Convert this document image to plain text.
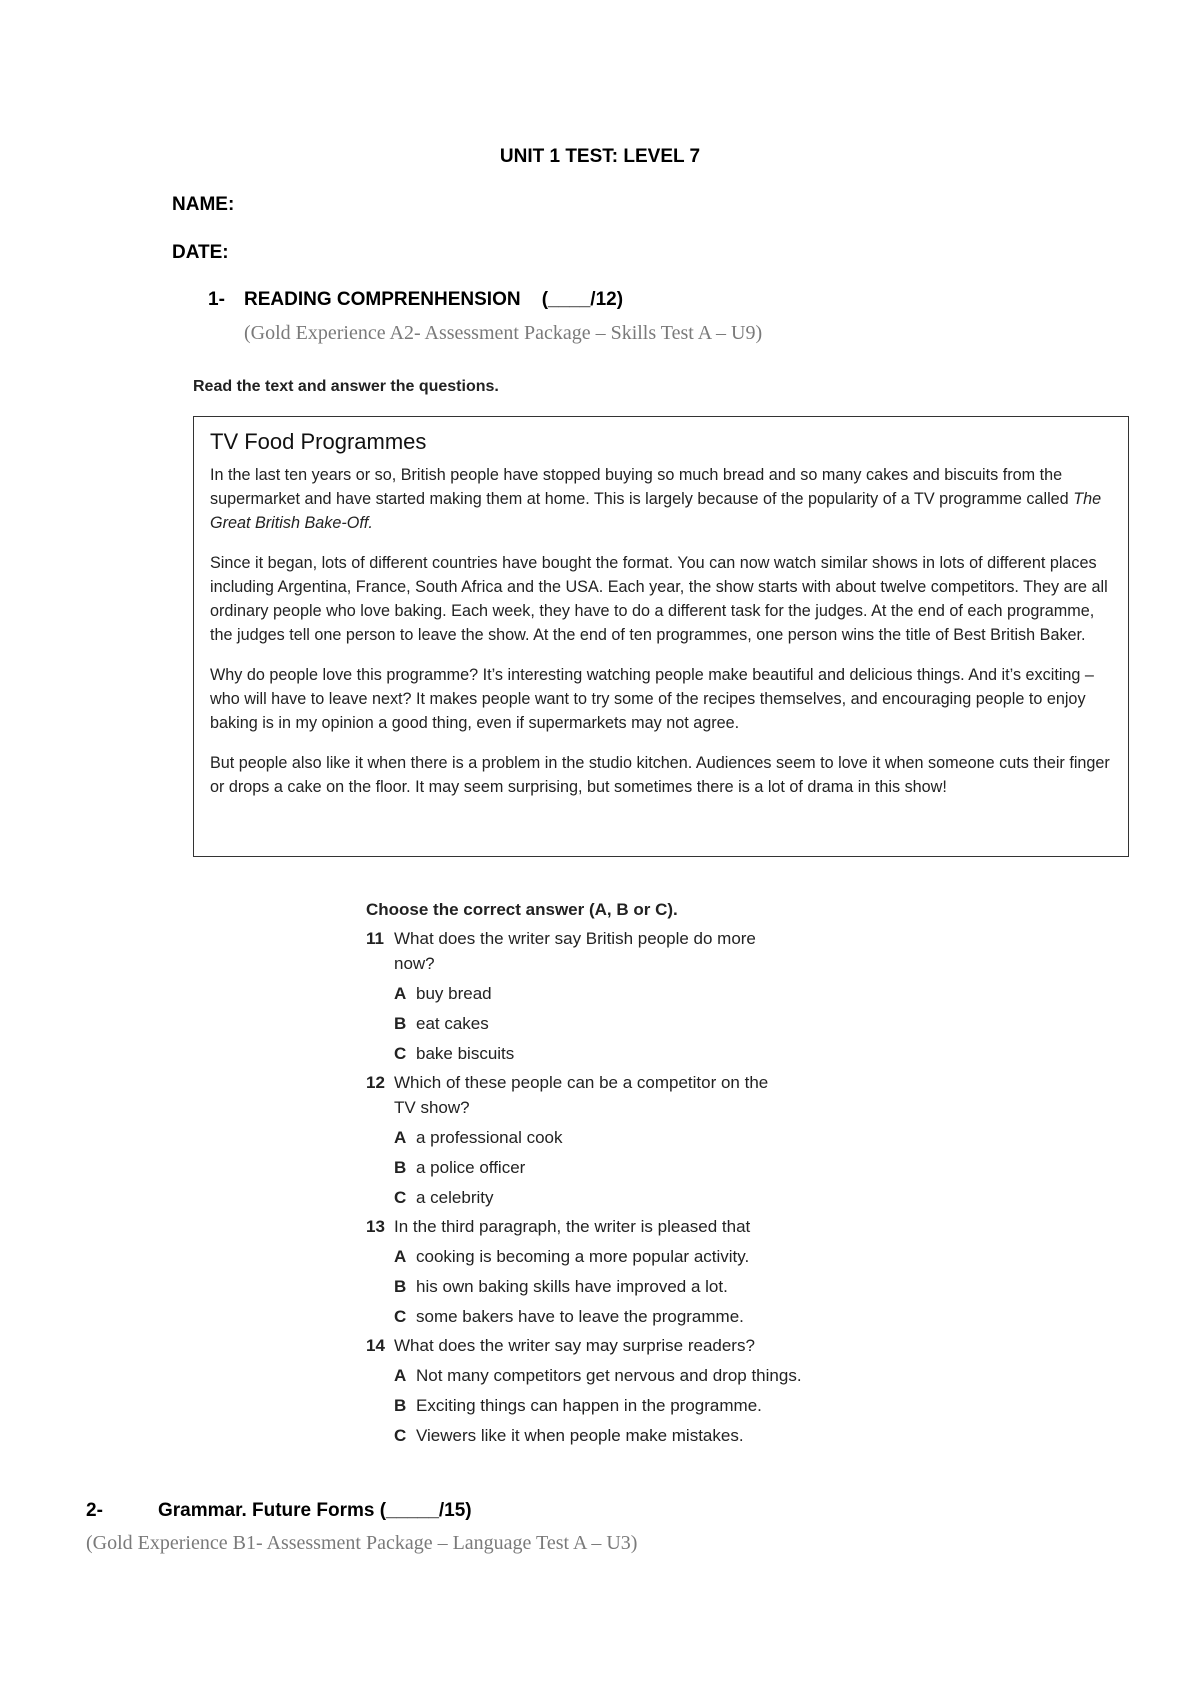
UNIT 1 TEST: LEVEL 7
NAME:
DATE:
1- READING COMPRENHENSION (____/12)
(Gold Experience A2- Assessment Package – Skills Test A – U9)
Read the text and answer the questions.
TV Food Programmes

In the last ten years or so, British people have stopped buying so much bread and so many cakes and biscuits from the supermarket and have started making them at home. This is largely because of the popularity of a TV programme called The Great British Bake-Off.

Since it began, lots of different countries have bought the format. You can now watch similar shows in lots of different places including Argentina, France, South Africa and the USA. Each year, the show starts with about twelve competitors. They are all ordinary people who love baking. Each week, they have to do a different task for the judges. At the end of each programme, the judges tell one person to leave the show. At the end of ten programmes, one person wins the title of Best British Baker.

Why do people love this programme? It’s interesting watching people make beautiful and delicious things. And it’s exciting – who will have to leave next? It makes people want to try some of the recipes themselves, and encouraging people to enjoy baking is in my opinion a good thing, even if supermarkets may not agree.

But people also like it when there is a problem in the studio kitchen. Audiences seem to love it when someone cuts their finger or drops a cake on the floor. It may seem surprising, but sometimes there is a lot of drama in this show!

Choose the correct answer (A, B or C).
11 What does the writer say British people do more now?
A buy bread
B eat cakes
C bake biscuits
12 Which of these people can be a competitor on the TV show?
A a professional cook
B a police officer
C a celebrity
13 In the third paragraph, the writer is pleased that
A cooking is becoming a more popular activity.
B his own baking skills have improved a lot.
C some bakers have to leave the programme.
14 What does the writer say may surprise readers?
A Not many competitors get nervous and drop things.
B Exciting things can happen in the programme.
C Viewers like it when people make mistakes.
2-	Grammar. Future Forms (_____/15)
(Gold Experience B1- Assessment Package – Language Test A – U3)
